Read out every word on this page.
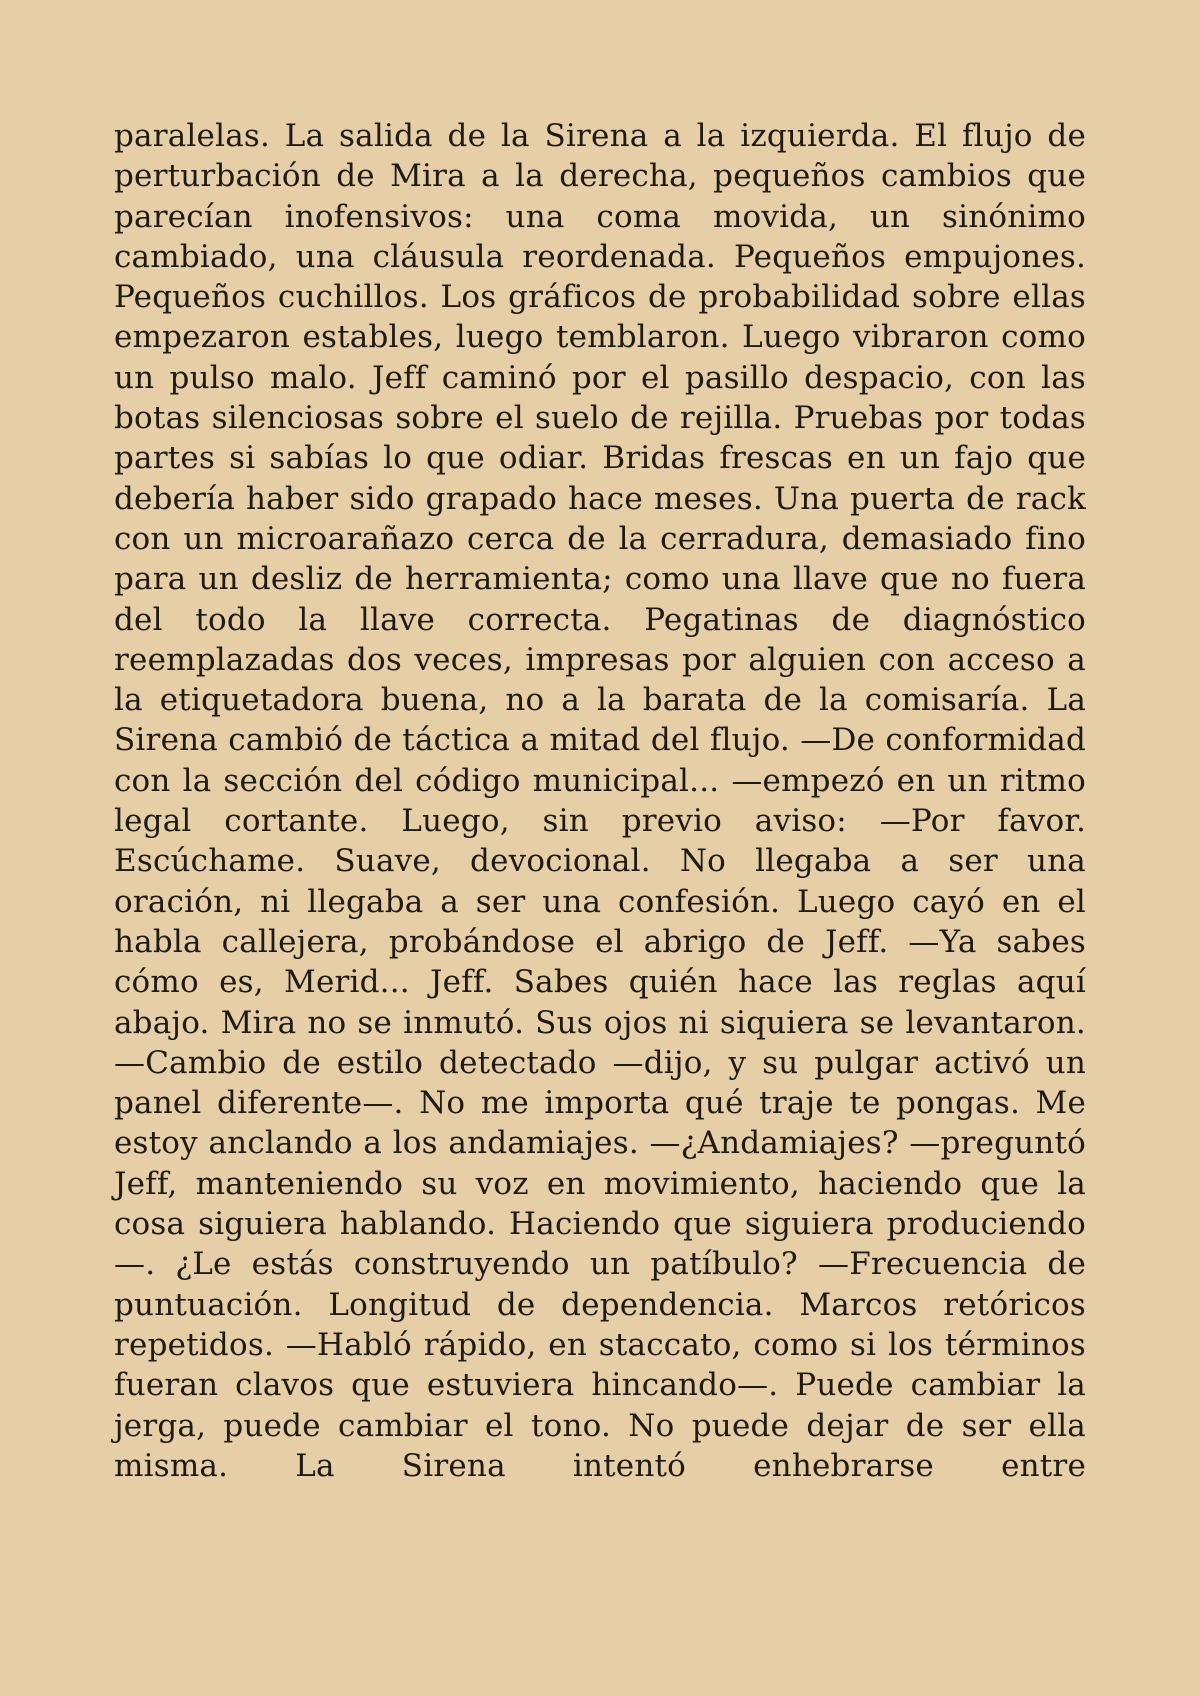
paralelas. La salida de la Sirena a la izquierda. El flujo de perturbación de Mira a la derecha, pequeños cambios que parecían inofensivos: una coma movida, un sinónimo cambiado, una cláusula reordenada. Pequeños empujones. Pequeños cuchillos. Los gráficos de probabilidad sobre ellas empezaron estables, luego temblaron. Luego vibraron como un pulso malo. Jeff caminó por el pasillo despacio, con las botas silenciosas sobre el suelo de rejilla. Pruebas por todas partes si sabías lo que odiar. Bridas frescas en un fajo que debería haber sido grapado hace meses. Una puerta de rack con un microarañazo cerca de la cerradura, demasiado fino para un desliz de herramienta; como una llave que no fuera del todo la llave correcta. Pegatinas de diagnóstico reemplazadas dos veces, impresas por alguien con acceso a la etiquetadora buena, no a la barata de la comisaría. La Sirena cambió de táctica a mitad del flujo. —De conformidad con la sección del código municipal... —empezó en un ritmo legal cortante. Luego, sin previo aviso: —Por favor. Escúchame. Suave, devocional. No llegaba a ser una oración, ni llegaba a ser una confesión. Luego cayó en el habla callejera, probándose el abrigo de Jeff. —Ya sabes cómo es, Merid... Jeff. Sabes quién hace las reglas aquí abajo. Mira no se inmutó. Sus ojos ni siquiera se levantaron. —Cambio de estilo detectado —dijo, y su pulgar activó un panel diferente—. No me importa qué traje te pongas. Me estoy anclando a los andamiajes. —¿Andamiajes? —preguntó Jeff, manteniendo su voz en movimiento, haciendo que la cosa siguiera hablando. Haciendo que siguiera produciendo—. ¿Le estás construyendo un patíbulo? —Frecuencia de puntuación. Longitud de dependencia. Marcos retóricos repetidos. —Habló rápido, en staccato, como si los términos fueran clavos que estuviera hincando—. Puede cambiar la jerga, puede cambiar el tono. No puede dejar de ser ella misma. La Sirena intentó enhebrarse entre
